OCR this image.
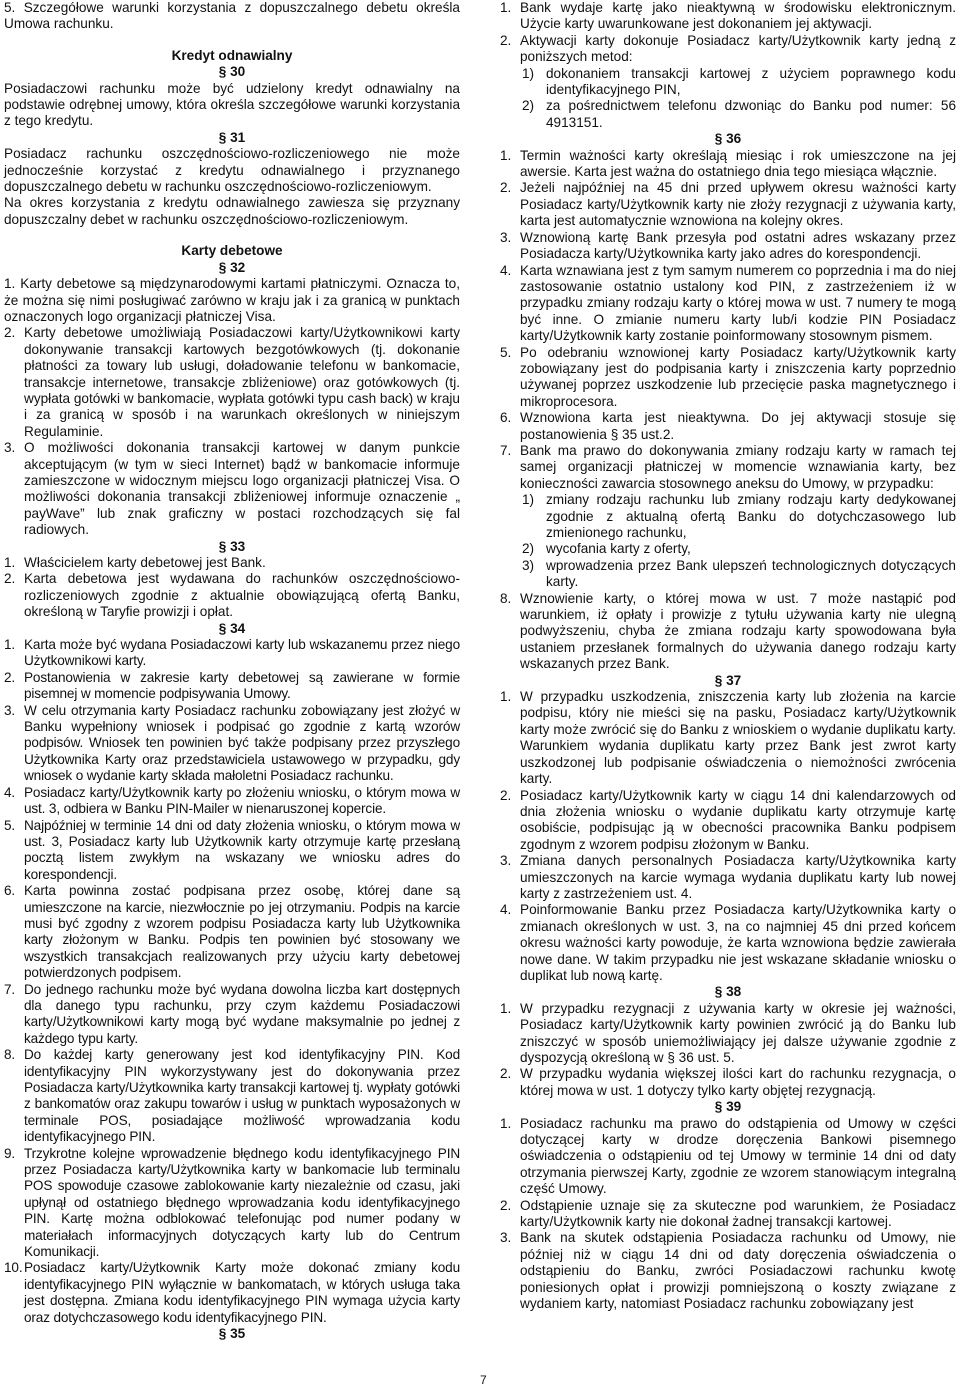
5. Szczegółowe warunki korzystania z dopuszczalnego debetu określa Umowa rachunku.

Kredyt odnawialny

§ 30

Posiadaczowi rachunku może być udzielony kredyt odnawialny na podstawie odrębnej umowy, która określa szczegółowe warunki korzystania z tego kredytu.

§ 31

Posiadacz rachunku oszczędnościowo-rozliczeniowego nie może jednocześnie korzystać z kredytu odnawialnego i przyznanego dopuszczalnego debetu w rachunku oszczędnościowo-rozliczeniowym.

Na okres korzystania z kredytu odnawialnego zawiesza się przyznany dopuszczalny debet w rachunku oszczędnościowo-rozliczeniowym.

Karty debetowe

§ 32

1. Karty debetowe są międzynarodowymi kartami płatniczymi. Oznacza to, że można się nimi posługiwać zarówno w kraju jak i za granicą w punktach oznaczonych logo organizacji płatniczej Visa.

2. Karty debetowe umożliwiają Posiadaczowi karty/Użytkownikowi karty dokonywanie transakcji kartowych bezgotówkowych (tj. dokonanie płatności za towary lub usługi, doładowanie telefonu w bankomacie, transakcje internetowe, transakcje zbliżeniowe) oraz gotówkowych (tj. wypłata gotówki w bankomacie, wypłata gotówki typu cash back) w kraju i za granicą w sposób i na warunkach określonych w niniejszym Regulaminie.
3. O możliwości dokonania transakcji kartowej w danym punkcie akceptującym (w tym w sieci Internet) bądź w bankomacie informuje zamieszczone w widocznym miejscu logo organizacji płatniczej Visa. O możliwości dokonania transakcji zbliżeniowej informuje oznaczenie „ payWave” lub znak graficzny w postaci rozchodzących się fal radiowych.

§ 33

1. Właścicielem karty debetowej jest Bank.
2. Karta debetowa jest wydawana do rachunków oszczędnościowo-rozliczeniowych zgodnie z aktualnie obowiązującą ofertą Banku, określoną w Taryfie prowizji i opłat.

§ 34

1. Karta może być wydana Posiadaczowi karty lub wskazanemu przez niego Użytkownikowi karty.
2. Postanowienia w zakresie karty debetowej są zawierane w formie pisemnej w momencie podpisywania Umowy.
3. W celu otrzymania karty Posiadacz rachunku zobowiązany jest złożyć w Banku wypełniony wniosek i podpisać go zgodnie z kartą wzorów podpisów. Wniosek ten powinien być także podpisany przez przyszłego Użytkownika Karty oraz przedstawiciela ustawowego w przypadku, gdy wniosek o wydanie karty składa małoletni Posiadacz rachunku.
4. Posiadacz karty/Użytkownik karty po złożeniu wniosku, o którym mowa w ust. 3, odbiera w Banku PIN-Mailer w nienaruszonej kopercie.
5. Najpóźniej w terminie 14 dni od daty złożenia wniosku, o którym mowa w ust. 3, Posiadacz karty lub Użytkownik karty otrzymuje kartę przesłaną pocztą listem zwykłym na wskazany we wniosku adres do korespondencji.
6. Karta powinna zostać podpisana przez osobę, której dane są umieszczone na karcie, niezwłocznie po jej otrzymaniu. Podpis na karcie musi być zgodny z wzorem podpisu Posiadacza karty lub Użytkownika karty złożonym w Banku. Podpis ten powinien być stosowany we wszystkich transakcjach realizowanych przy użyciu karty debetowej potwierdzonych podpisem.
7. Do jednego rachunku może być wydana dowolna liczba kart dostępnych dla danego typu rachunku, przy czym każdemu Posiadaczowi karty/Użytkownikowi karty mogą być wydane maksymalnie po jednej z każdego typu karty.
8. Do każdej karty generowany jest kod identyfikacyjny PIN. Kod identyfikacyjny PIN wykorzystywany jest do dokonywania przez Posiadacza karty/Użytkownika karty transakcji kartowej tj. wypłaty gotówki z bankomatów oraz zakupu towarów i usług w punktach wyposażonych w terminale POS, posiadające możliwość wprowadzania kodu identyfikacyjnego PIN.
9. Trzykrotne kolejne wprowadzenie błędnego kodu identyfikacyjnego PIN przez Posiadacza karty/Użytkownika karty w bankomacie lub terminalu POS spowoduje czasowe zablokowanie karty niezależnie od czasu, jaki upłynął od ostatniego błędnego wprowadzania kodu identyfikacyjnego PIN. Kartę można odblokować telefonując pod numer podany w materiałach informacyjnych dotyczących karty lub do Centrum Komunikacji.
10. Posiadacz karty/Użytkownik Karty może dokonać zmiany kodu identyfikacyjnego PIN wyłącznie w bankomatach, w których usługa taka jest dostępna. Zmiana kodu identyfikacyjnego PIN wymaga użycia karty oraz dotychczasowego kodu identyfikacyjnego PIN.

§ 35

1. Bank wydaje kartę jako nieaktywną w środowisku elektronicznym. Użycie karty uwarunkowane jest dokonaniem jej aktywacji.
2. Aktywacji karty dokonuje Posiadacz karty/Użytkownik karty jedną z poniższych metod:
1) dokonaniem transakcji kartowej z użyciem poprawnego kodu identyfikacyjnego PIN,
2) za pośrednictwem telefonu dzwoniąc do Banku pod numer: 56 4913151.

§ 36

1. Termin ważności karty określają miesiąc i rok umieszczone na jej awersie. Karta jest ważna do ostatniego dnia tego miesiąca włącznie.
2. Jeżeli najpóźniej na 45 dni przed upływem okresu ważności karty Posiadacz karty/Użytkownik karty nie złoży rezygnacji z używania karty, karta jest automatycznie wznowiona na kolejny okres.
3. Wznowioną kartę Bank przesyła pod ostatni adres wskazany przez Posiadacza karty/Użytkownika karty jako adres do korespondencji.
4. Karta wznawiana jest z tym samym numerem co poprzednia i ma do niej zastosowanie ostatnio ustalony kod PIN, z zastrzeżeniem iż w przypadku zmiany rodzaju karty o której mowa w ust. 7 numery te mogą być inne. O zmianie numeru karty lub/i kodzie PIN Posiadacz karty/Użytkownik karty zostanie poinformowany stosownym pismem.
5. Po odebraniu wznowionej karty Posiadacz karty/Użytkownik karty zobowiązany jest do podpisania karty i zniszczenia karty poprzednio używanej poprzez uszkodzenie lub przecięcie paska magnetycznego i mikroprocesora.
6. Wznowiona karta jest nieaktywna. Do jej aktywacji stosuje się postanowienia § 35 ust.2.
7. Bank ma prawo do dokonywania zmiany rodzaju karty w ramach tej samej organizacji płatniczej w momencie wznawiania karty, bez konieczności zawarcia stosownego aneksu do Umowy, w przypadku:
1) zmiany rodzaju rachunku lub zmiany rodzaju karty dedykowanej zgodnie z aktualną ofertą Banku do dotychczasowego lub zmienionego rachunku,
2) wycofania karty z oferty,
3) wprowadzenia przez Bank ulepszeń technologicznych dotyczących karty.
8. Wznowienie karty, o której mowa w ust. 7 może nastąpić pod warunkiem, iż opłaty i prowizje z tytułu używania karty nie ulegną podwyższeniu, chyba że zmiana rodzaju karty spowodowana była ustaniem przesłanek formalnych do używania danego rodzaju karty wskazanych przez Bank.

§ 37

1. W przypadku uszkodzenia, zniszczenia karty lub złożenia na karcie podpisu, który nie mieści się na pasku, Posiadacz karty/Użytkownik karty może zwrócić się do Banku z wnioskiem o wydanie duplikatu karty. Warunkiem wydania duplikatu karty przez Bank jest zwrot karty uszkodzonej lub podpisanie oświadczenia o niemożności zwrócenia karty.
2. Posiadacz karty/Użytkownik karty w ciągu 14 dni kalendarzowych od dnia złożenia wniosku o wydanie duplikatu karty otrzymuje kartę osobiście, podpisując ją w obecności pracownika Banku podpisem zgodnym z wzorem podpisu złożonym w Banku.
3. Zmiana danych personalnych Posiadacza karty/Użytkownika karty umieszczonych na karcie wymaga wydania duplikatu karty lub nowej karty z zastrzeżeniem ust. 4.
4. Poinformowanie Banku przez Posiadacza karty/Użytkownika karty o zmianach określonych w ust. 3, na co najmniej 45 dni przed końcem okresu ważności karty powoduje, że karta wznowiona będzie zawierała nowe dane. W takim przypadku nie jest wskazane składanie wniosku o duplikat lub nową kartę.

§ 38

1. W przypadku rezygnacji z używania karty w okresie jej ważności, Posiadacz karty/Użytkownik karty powinien zwrócić ją do Banku lub zniszczyć w sposób uniemożliwiający jej dalsze używanie zgodnie z dyspozycją określoną w § 36 ust. 5.
2. W przypadku wydania większej ilości kart do rachunku rezygnacja, o której mowa w ust. 1 dotyczy tylko karty objętej rezygnacją.

§ 39

1. Posiadacz rachunku ma prawo do odstąpienia od Umowy w części dotyczącej karty w drodze doręczenia Bankowi pisemnego oświadczenia o odstąpieniu od tej Umowy w terminie 14 dni od daty otrzymania pierwszej Karty, zgodnie ze wzorem stanowiącym integralną część Umowy.
2. Odstąpienie uznaje się za skuteczne pod warunkiem, że Posiadacz karty/Użytkownik karty nie dokonał żadnej transakcji kartowej.
3. Bank na skutek odstąpienia Posiadacza rachunku od Umowy, nie później niż w ciągu 14 dni od daty doręczenia oświadczenia o odstąpieniu do Banku, zwróci Posiadaczowi rachunku kwotę poniesionych opłat i prowizji pomniejszoną o koszty związane z wydaniem karty, natomiast Posiadacz rachunku zobowiązany jest
7
